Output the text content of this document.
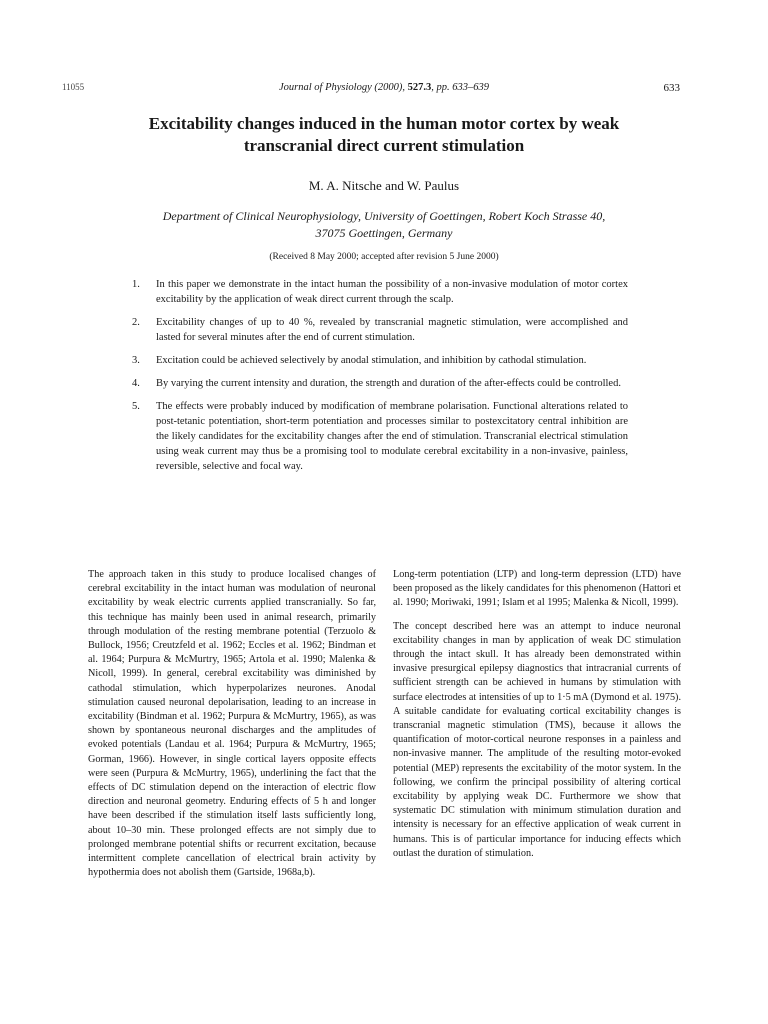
11055	Journal of Physiology (2000), 527.3, pp. 633–639	633
Excitability changes induced in the human motor cortex by weak transcranial direct current stimulation
M. A. Nitsche and W. Paulus
Department of Clinical Neurophysiology, University of Goettingen, Robert Koch Strasse 40,
37075 Goettingen, Germany
(Received 8 May 2000; accepted after revision 5 June 2000)
1. In this paper we demonstrate in the intact human the possibility of a non-invasive modulation of motor cortex excitability by the application of weak direct current through the scalp.
2. Excitability changes of up to 40 %, revealed by transcranial magnetic stimulation, were accomplished and lasted for several minutes after the end of current stimulation.
3. Excitation could be achieved selectively by anodal stimulation, and inhibition by cathodal stimulation.
4. By varying the current intensity and duration, the strength and duration of the after-effects could be controlled.
5. The effects were probably induced by modification of membrane polarisation. Functional alterations related to post-tetanic potentiation, short-term potentiation and processes similar to postexcitatory central inhibition are the likely candidates for the excitability changes after the end of stimulation. Transcranial electrical stimulation using weak current may thus be a promising tool to modulate cerebral excitability in a non-invasive, painless, reversible, selective and focal way.

The approach taken in this study to produce localised changes of cerebral excitability in the intact human was modulation of neuronal excitability by weak electric currents applied transcranially. So far, this technique has mainly been used in animal research, primarily through modulation of the resting membrane potential (Terzuolo & Bullock, 1956; Creutzfeld et al. 1962; Eccles et al. 1962; Bindman et al. 1964; Purpura & McMurtry, 1965; Artola et al. 1990; Malenka & Nicoll, 1999). In general, cerebral excitability was diminished by cathodal stimulation, which hyperpolarizes neurones. Anodal stimulation caused neuronal depolarisation, leading to an increase in excitability (Bindman et al. 1962; Purpura & McMurtry, 1965), as was shown by spontaneous neuronal discharges and the amplitudes of evoked potentials (Landau et al. 1964; Purpura & McMurtry, 1965; Gorman, 1966). However, in single cortical layers opposite effects were seen (Purpura & McMurtry, 1965), underlining the fact that the effects of DC stimulation depend on the interaction of electric flow direction and neuronal geometry. Enduring effects of 5 h and longer have been described if the stimulation itself lasts sufficiently long, about 10–30 min. These prolonged effects are not simply due to prolonged membrane potential shifts or recurrent excitation, because intermittent complete cancellation of electrical brain activity by hypothermia does not abolish them (Gartside, 1968a,b).

Long-term potentiation (LTP) and long-term depression (LTD) have been proposed as the likely candidates for this phenomenon (Hattori et al. 1990; Moriwaki, 1991; Islam et al 1995; Malenka & Nicoll, 1999).

The concept described here was an attempt to induce neuronal excitability changes in man by application of weak DC stimulation through the intact skull. It has already been demonstrated within invasive presurgical epilepsy diagnostics that intracranial currents of sufficient strength can be achieved in humans by stimulation with surface electrodes at intensities of up to 1·5 mA (Dymond et al. 1975). A suitable candidate for evaluating cortical excitability changes is transcranial magnetic stimulation (TMS), because it allows the quantification of motor-cortical neurone responses in a painless and non-invasive manner. The amplitude of the resulting motor-evoked potential (MEP) represents the excitability of the motor system. In the following, we confirm the principal possibility of altering cortical excitability by applying weak DC. Furthermore we show that systematic DC stimulation with minimum stimulation duration and intensity is necessary for an effective application of weak current in humans. This is of particular importance for inducing effects which outlast the duration of stimulation.
